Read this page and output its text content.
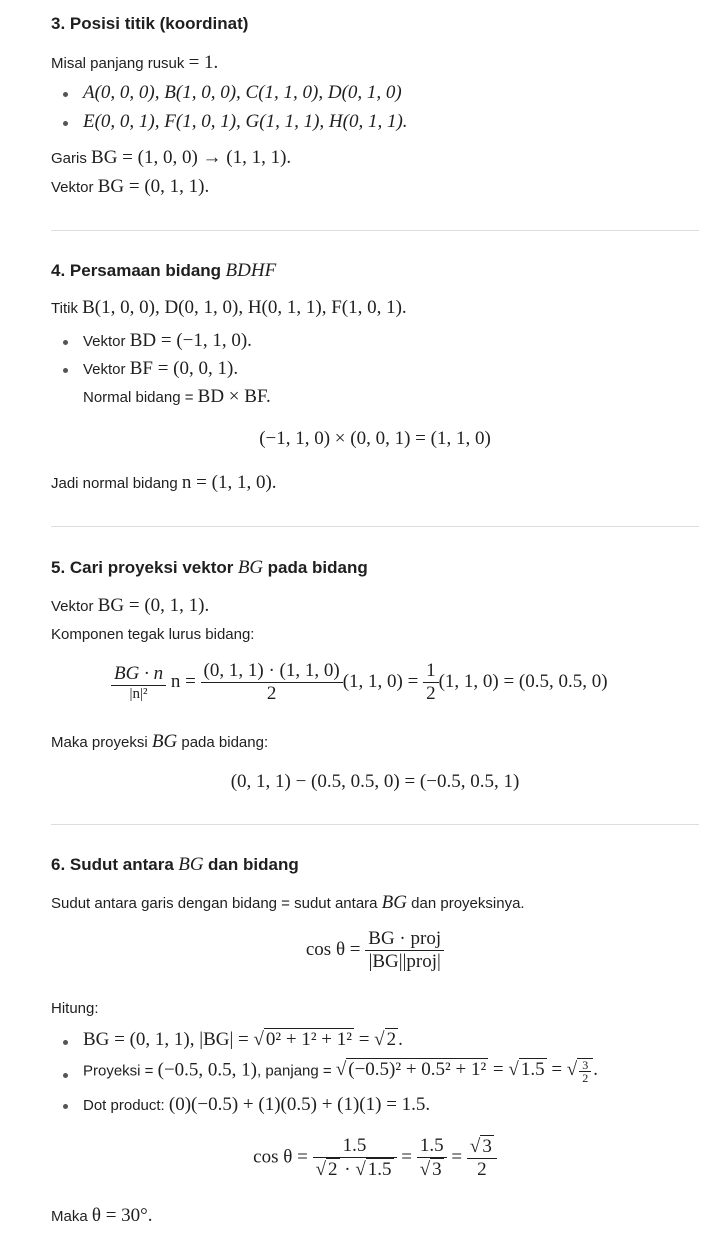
3. Posisi titik (koordinat)
Misal panjang rusuk = 1.
A(0, 0, 0), B(1, 0, 0), C(1, 1, 0), D(0, 1, 0)
E(0, 0, 1), F(1, 0, 1), G(1, 1, 1), H(0, 1, 1).
Garis BG = (1, 0, 0) → (1, 1, 1).
Vektor BG = (0, 1, 1).
4. Persamaan bidang BDHF
Titik B(1, 0, 0), D(0, 1, 0), H(0, 1, 1), F(1, 0, 1).
Vektor BD = (−1, 1, 0).
Vektor BF = (0, 0, 1).
Normal bidang = BD × BF.
(−1, 1, 0) × (0, 0, 1) = (1, 1, 0)
Jadi normal bidang n = (1, 1, 0).
5. Cari proyeksi vektor BG pada bidang
Vektor BG = (0, 1, 1).
Komponen tegak lurus bidang:
$\frac{BG \cdot n}{\text{|n|²}}$ $n = \frac{(0, 1, 1) \cdot (1, 1, 0)}{2} (1$, 1, $0) = \frac{1}{2} (1$, 1, 0) = (0.5, 0.5, 0)
Maka proyeksi BG pada bidang:
(0, 1, 1) − (0.5, 0.5, 0) = (−0.5, 0.5, 1)
6. Sudut antara BG dan bidang
Sudut antara garis dengan bidang = sudut antara BG dan proyeksinya.
$\cos \theta = \frac{\text{BG · proj}}{\text{|BG||proj|}}$
Hitung:
BG = (0, 1, 1), |BG| = √ 0² + 1² + 1² = √ 2 .
Proyeksi = (−0.5, 0.5, 1), panjang = √ (−0.5)² + 0.5² + 1² = √ 1.5 = √ $\frac{3}{2}$ .
Dot product: (0)(−0.5) + (1)(0.5) + (1)(1) = 1.5.
$\cos \theta = \frac{1.5}{√ 2 \cdot √ 1.5} = \frac{1.5}{√ 3} = \frac{√ 3}{2}$
Maka θ = 30°.
